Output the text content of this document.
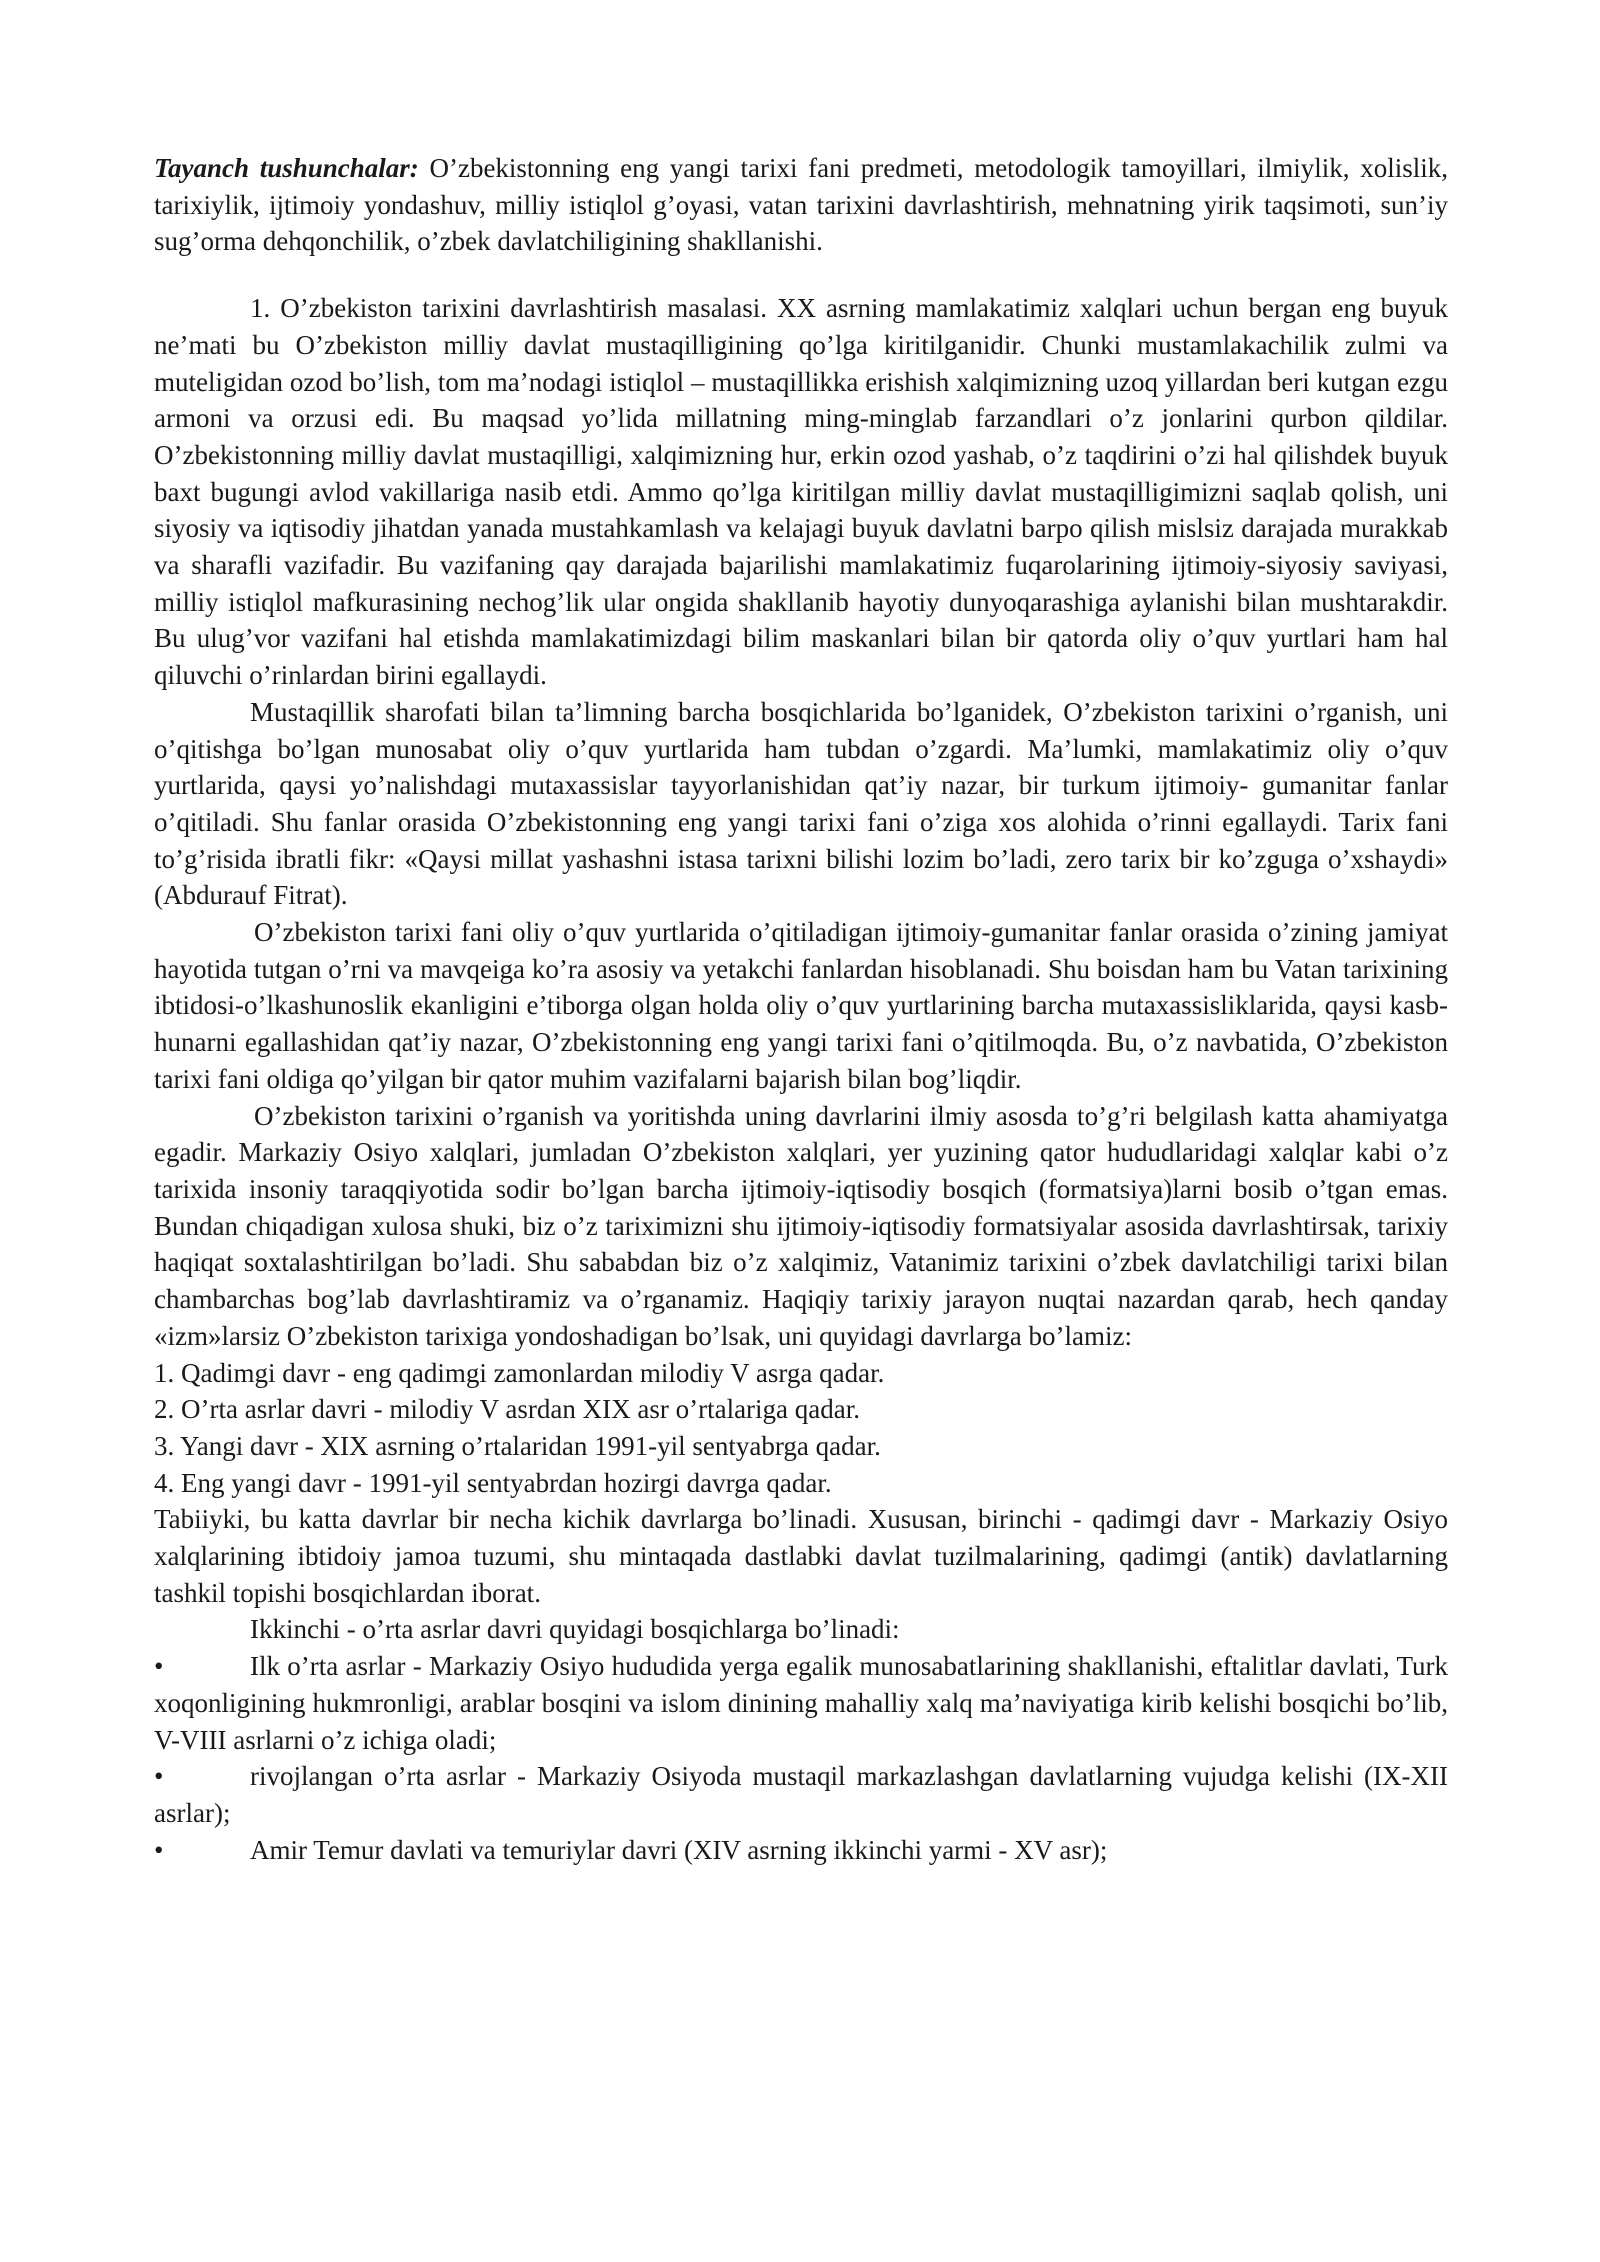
Tayanch tushunchalar: O’zbekistonning eng yangi tarixi fani predmeti, metodologik tamoyillari, ilmiylik, xolislik, tarixiylik, ijtimoiy yondashuv, milliy istiqlol g’oyasi, vatan tarixini davrlashtirish, mehnatning yirik taqsimoti, sun’iy sug’orma dehqonchilik, o’zbek davlatchiligining shakllanishi.

1. O’zbekiston tarixini davrlashtirish masalasi. XX asrning mamlakatimiz xalqlari uchun bergan eng buyuk ne’mati bu O’zbekiston milliy davlat mustaqilligining qo’lga kiritilganidir. Chunki mustamlakachilik zulmi va muteligidan ozod bo’lish, tom ma’nodagi istiqlol – mustaqillikka erishish xalqimizning uzoq yillardan beri kutgan ezgu armoni va orzusi edi. Bu maqsad yo’lida millatning ming-minglab farzandlari o’z jonlarini qurbon qildilar. O’zbekistonning milliy davlat mustaqilligi, xalqimizning hur, erkin ozod yashab, o’z taqdirini o’zi hal qilishdek buyuk baxt bugungi avlod vakillariga nasib etdi. Ammo qo’lga kiritilgan milliy davlat mustaqilligimizni saqlab qolish, uni siyosiy va iqtisodiy jihatdan yanada mustahkamlash va kelajagi buyuk davlatni barpo qilish mislsiz darajada murakkab va sharafli vazifadir. Bu vazifaning qay darajada bajarilishi mamlakatimiz fuqarolarining ijtimoiy-siyosiy saviyasi, milliy istiqlol mafkurasining nechog’lik ular ongida shakllanib hayotiy dunyoqarashiga aylanishi bilan mushtarakdir. Bu ulug’vor vazifani hal etishda mamlakatimizdagi bilim maskanlari bilan bir qatorda oliy o’quv yurtlari ham hal qiluvchi o’rinlardan birini egallaydi.

Mustaqillik sharofati bilan ta’limning barcha bosqichlarida bo’lganidek, O’zbekiston tarixini o’rganish, uni o’qitishga bo’lgan munosabat oliy o’quv yurtlarida ham tubdan o’zgardi. Ma’lumki, mamlakatimiz oliy o’quv yurtlarida, qaysi yo’nalishdagi mutaxassislar tayyorlanishidan qat’iy nazar, bir turkum ijtimoiy- gumanitar fanlar o’qitiladi. Shu fanlar orasida O’zbekistonning eng yangi tarixi fani o’ziga xos alohida o’rinni egallaydi. Tarix fani to’g’risida ibratli fikr: «Qaysi millat yashashni istasa tarixni bilishi lozim bo’ladi, zero tarix bir ko’zguga o’xshaydi» (Abdurauf Fitrat).

O’zbekiston tarixi fani oliy o’quv yurtlarida o’qitiladigan ijtimoiy-gumanitar fanlar orasida o’zining jamiyat hayotida tutgan o’rni va mavqeiga ko’ra asosiy va yetakchi fanlardan hisoblanadi. Shu boisdan ham bu Vatan tarixining ibtidosi-o’lkashunoslik ekanligini e’tiborga olgan holda oliy o’quv yurtlarining barcha mutaxassisliklarida, qaysi kasb-hunarni egallashidan qat’iy nazar, O’zbekistonning eng yangi tarixi fani o’qitilmoqda. Bu, o’z navbatida, O’zbekiston tarixi fani oldiga qo’yilgan bir qator muhim vazifalarni bajarish bilan bog’liqdir.

O’zbekiston tarixini o’rganish va yoritishda uning davrlarini ilmiy asosda to’g’ri belgilash katta ahamiyatga egadir. Markaziy Osiyo xalqlari, jumladan O’zbekiston xalqlari, yer yuzining qator hududlaridagi xalqlar kabi o’z tarixida insoniy taraqqiyotida sodir bo’lgan barcha ijtimoiy-iqtisodiy bosqich (formatsiya)larni bosib o’tgan emas. Bundan chiqadigan xulosa shuki, biz o’z tariximizni shu ijtimoiy-iqtisodiy formatsiyalar asosida davrlashtirsak, tarixiy haqiqat soxtalashtirilgan bo’ladi. Shu sababdan biz o’z xalqimiz, Vatanimiz tarixini o’zbek davlatchiligi tarixi bilan chambarchas bog’lab davrlashtiramiz va o’rganamiz. Haqiqiy tarixiy jarayon nuqtai nazardan qarab, hech qanday «izm»larsiz O’zbekiston tarixiga yondoshadigan bo’lsak, uni quyidagi davrlarga bo’lamiz:

1. Qadimgi davr - eng qadimgi zamonlardan milodiy V asrga qadar.

2. O’rta asrlar davri - milodiy V asrdan XIX asr o’rtalariga qadar.

3. Yangi davr - XIX asrning o’rtalaridan 1991-yil sentyabrga qadar.

4. Eng yangi davr - 1991-yil sentyabrdan hozirgi davrga qadar.

Tabiiyki, bu katta davrlar bir necha kichik davrlarga bo’linadi. Xususan, birinchi - qadimgi davr - Markaziy Osiyo xalqlarining ibtidoiy jamoa tuzumi, shu mintaqada dastlabki davlat tuzilmalarining, qadimgi (antik) davlatlarning tashkil topishi bosqichlardan iborat.

Ikkinchi - o’rta asrlar davri quyidagi bosqichlarga bo’linadi:

•	Ilk o’rta asrlar - Markaziy Osiyo hududida yerga egalik munosabatlarining shakllanishi, eftalitlar davlati, Turk xoqonligining hukmronligi, arablar bosqini va islom dinining mahalliy xalq ma’naviyatiga kirib kelishi bosqichi bo’lib, V-VIII asrlarni o’z ichiga oladi;

•	rivojlangan o’rta asrlar - Markaziy Osiyoda mustaqil markazlashgan davlatlarning vujudga kelishi (IX-XII asrlar);

•	Amir Temur davlati va temuriylar davri (XIV asrning ikkinchi yarmi - XV asr);
